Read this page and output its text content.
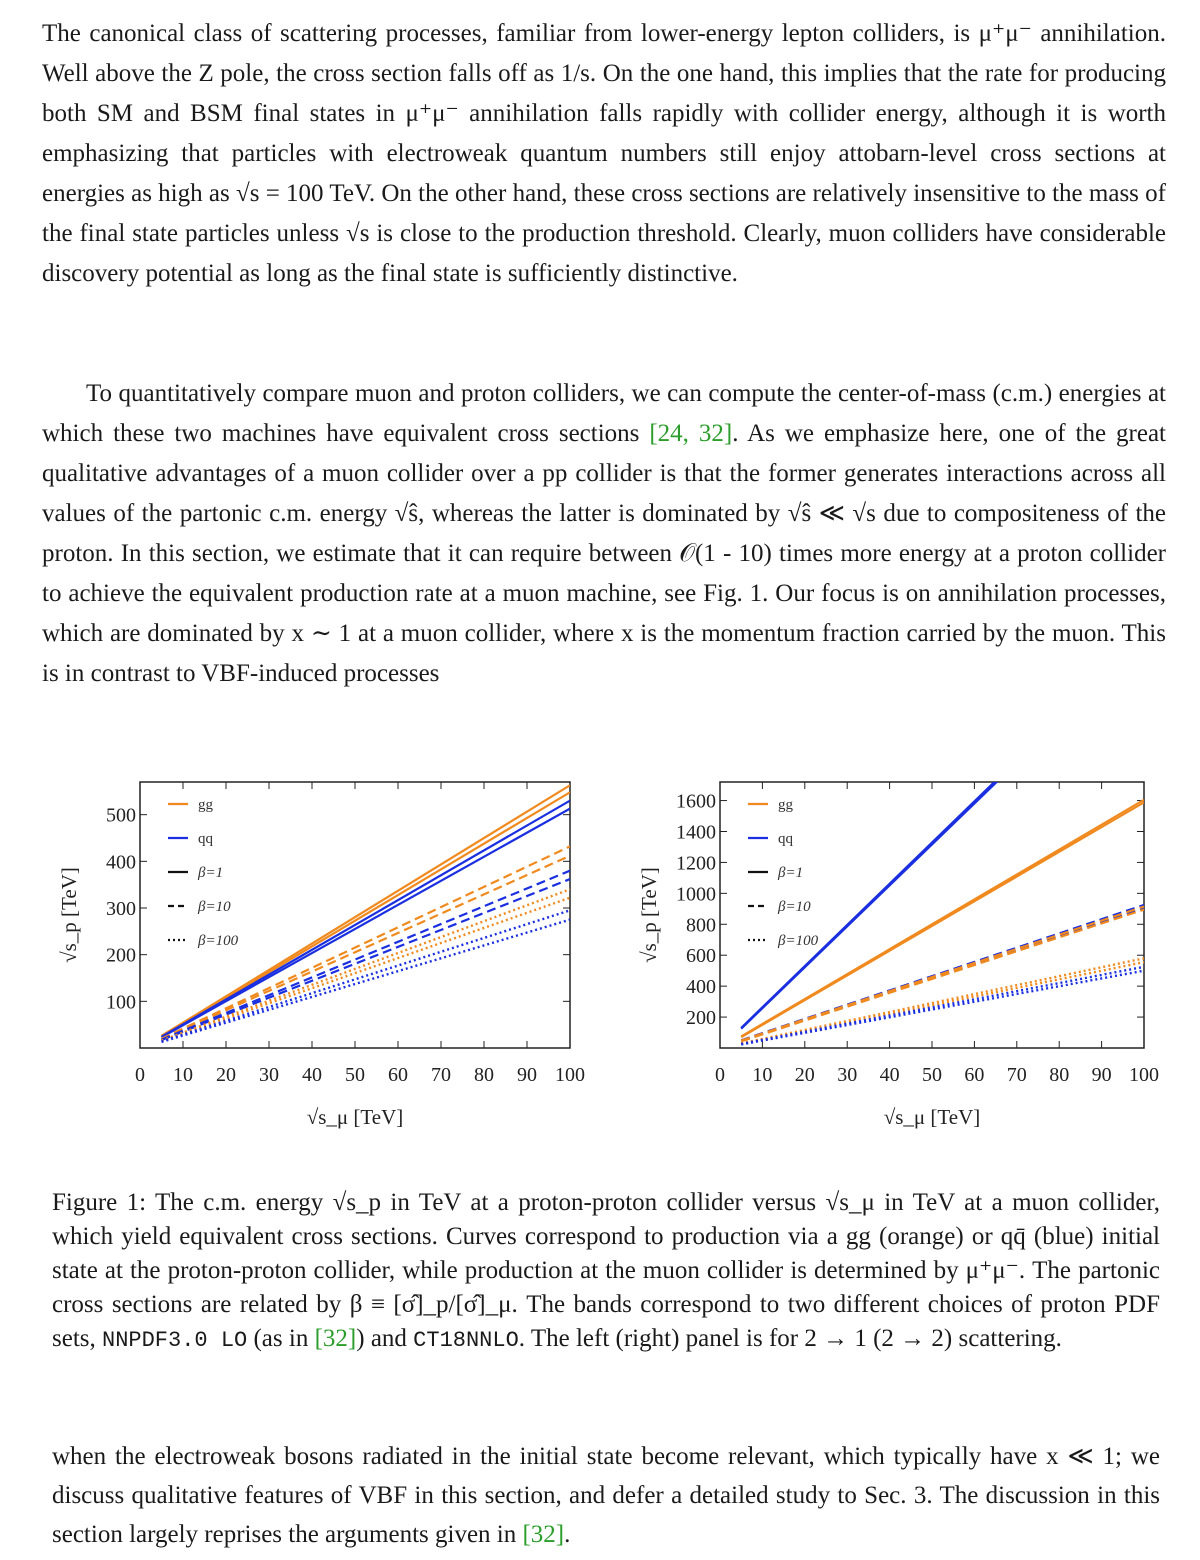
The canonical class of scattering processes, familiar from lower-energy lepton colliders, is μ⁺μ⁻ annihilation. Well above the Z pole, the cross section falls off as 1/s. On the one hand, this implies that the rate for producing both SM and BSM final states in μ⁺μ⁻ annihilation falls rapidly with collider energy, although it is worth emphasizing that particles with electroweak quantum numbers still enjoy attobarn-level cross sections at energies as high as √s = 100 TeV. On the other hand, these cross sections are relatively insensitive to the mass of the final state particles unless √s is close to the production threshold. Clearly, muon colliders have considerable discovery potential as long as the final state is sufficiently distinctive.

To quantitatively compare muon and proton colliders, we can compute the center-of-mass (c.m.) energies at which these two machines have equivalent cross sections [24, 32]. As we emphasize here, one of the great qualitative advantages of a muon collider over a pp collider is that the former generates interactions across all values of the partonic c.m. energy √ŝ, whereas the latter is dominated by √ŝ ≪ √s due to compositeness of the proton. In this section, we estimate that it can require between 𝒪(1 - 10) times more energy at a proton collider to achieve the equivalent production rate at a muon machine, see Fig. 1. Our focus is on annihilation processes, which are dominated by x ∼ 1 at a muon collider, where x is the momentum fraction carried by the muon. This is in contrast to VBF-induced processes

0 10 20 30 40 50 60 70 80 90 100
100
200
300
400
500
√s_μ [TeV]
√s_p [TeV]
gg
qq
β=1
β=10
β=100
0 10 20 30 40 50 60 70 80 90 100
200
400
600
800
1000
1200
1400
1600
√s_μ [TeV]
√s_p [TeV]
gg
qq
β=1
β=10
β=100

Figure 1: The c.m. energy √s_p in TeV at a proton-proton collider versus √s_μ in TeV at a muon collider, which yield equivalent cross sections. Curves correspond to production via a gg (orange) or qq̄ (blue) initial state at the proton-proton collider, while production at the muon collider is determined by μ⁺μ⁻. The partonic cross sections are related by β ≡ [σ̂]_p/[σ̂]_μ. The bands correspond to two different choices of proton PDF sets, NNPDF3.0 LO (as in [32]) and CT18NNLO. The left (right) panel is for 2 → 1 (2 → 2) scattering.

when the electroweak bosons radiated in the initial state become relevant, which typically have x ≪ 1; we discuss qualitative features of VBF in this section, and defer a detailed study to Sec. 3. The discussion in this section largely reprises the arguments given in [32].
